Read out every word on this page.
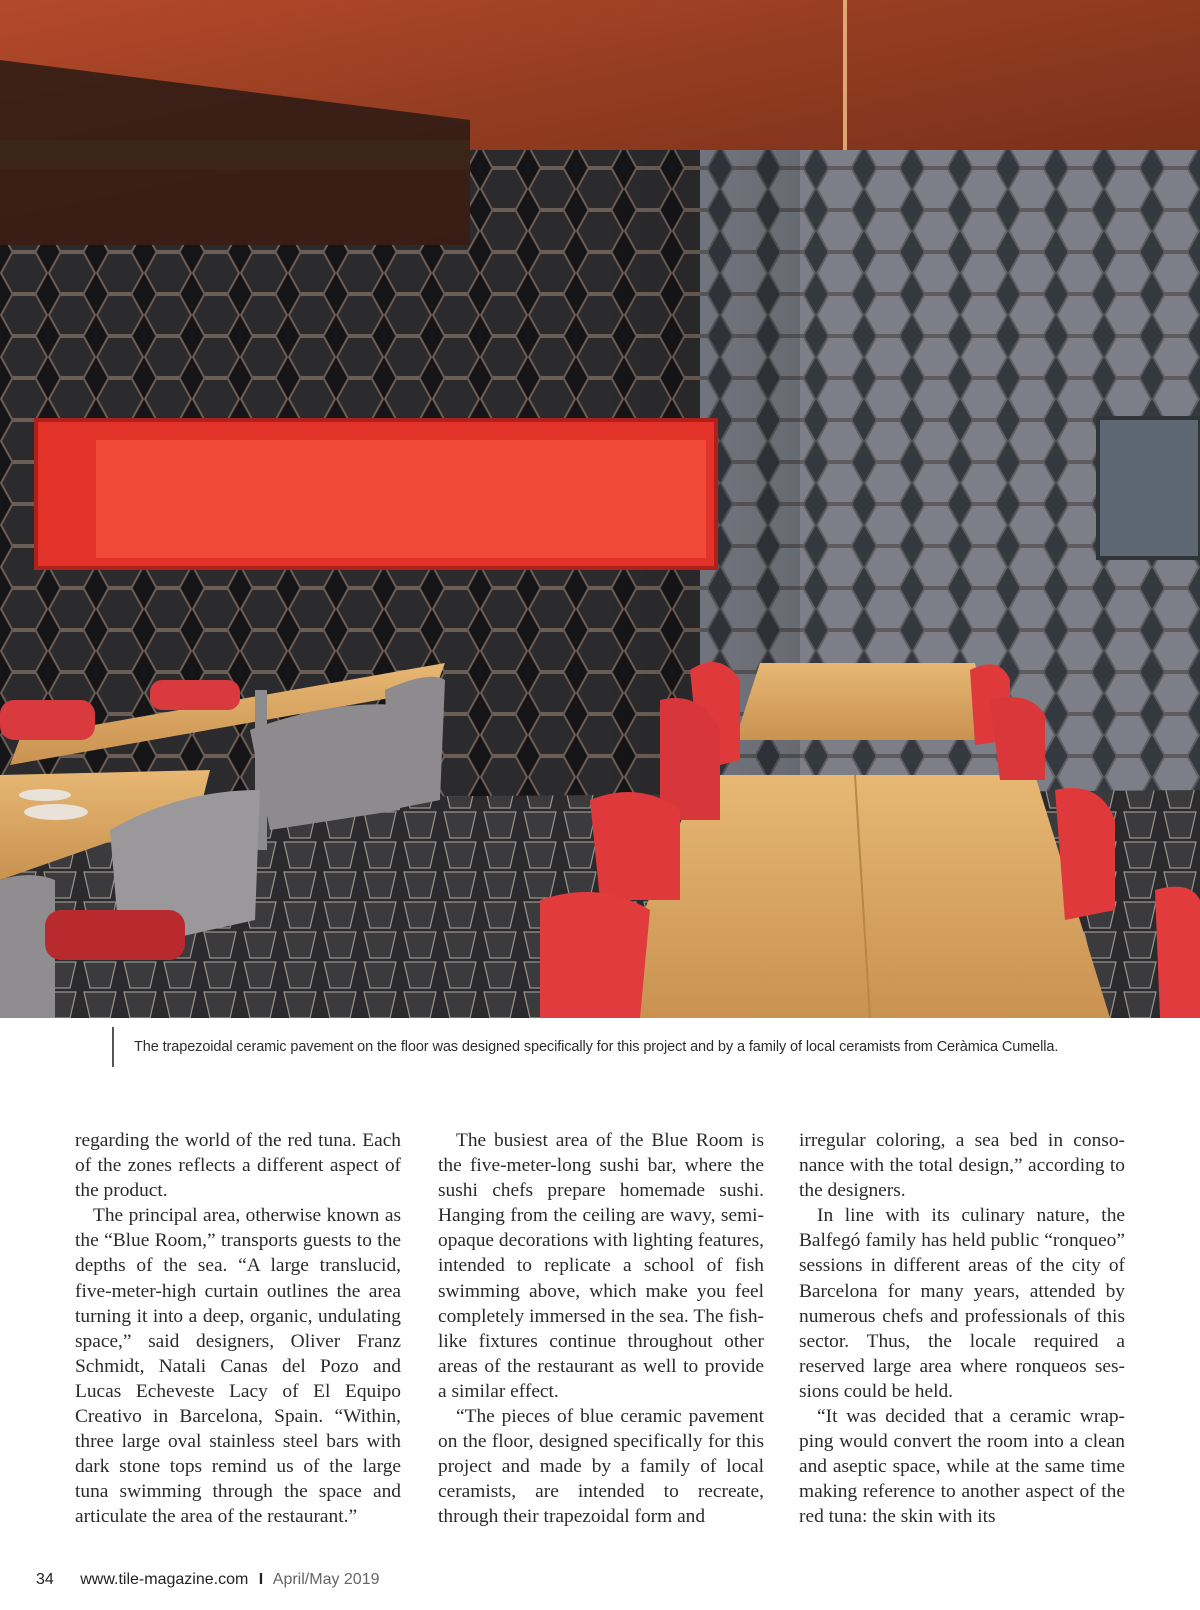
The trapezoidal ceramic pavement on the floor was designed specifically for this project and by a family of local ceramists from Ceràmica Cumella.

regarding the world of the red tuna. Each of the zones reflects a different aspect of the product.

The principal area, otherwise known as the “Blue Room,” transports guests to the depths of the sea. “A large translucid, five-meter-high curtain outlines the area turning it into a deep, organic, undulating space,” said designers, Oliver Franz Schmidt, Natali Canas del Pozo and Lucas Echeveste Lacy of El Equipo Creativo in Barcelona, Spain. “Within, three large oval stainless steel bars with dark stone tops remind us of the large tuna swimming through the space and articulate the area of the restaurant.”

The busiest area of the Blue Room is the five-meter-long sushi bar, where the sushi chefs prepare homemade sushi. Hanging from the ceiling are wavy, semi-opaque decorations with lighting features, intended to replicate a school of fish swimming above, which make you feel completely immersed in the sea. The fish-like fixtures continue throughout other areas of the restaurant as well to provide a similar effect.

“The pieces of blue ceramic pavement on the floor, designed specifically for this project and made by a family of local ceramists, are intended to recreate, through their trapezoidal form and

irregular coloring, a sea bed in consonance with the total design,” according to the designers.

In line with its culinary nature, the Balfegó family has held public “ronqueo” sessions in different areas of the city of Barcelona for many years, attended by numerous chefs and professionals of this sector. Thus, the locale required a reserved large area where ronqueos sessions could be held.

“It was decided that a ceramic wrapping would convert the room into a clean and aseptic space, while at the same time making reference to another aspect of the red tuna: the skin with its

34 www.tile-magazine.com I April/May 2019
